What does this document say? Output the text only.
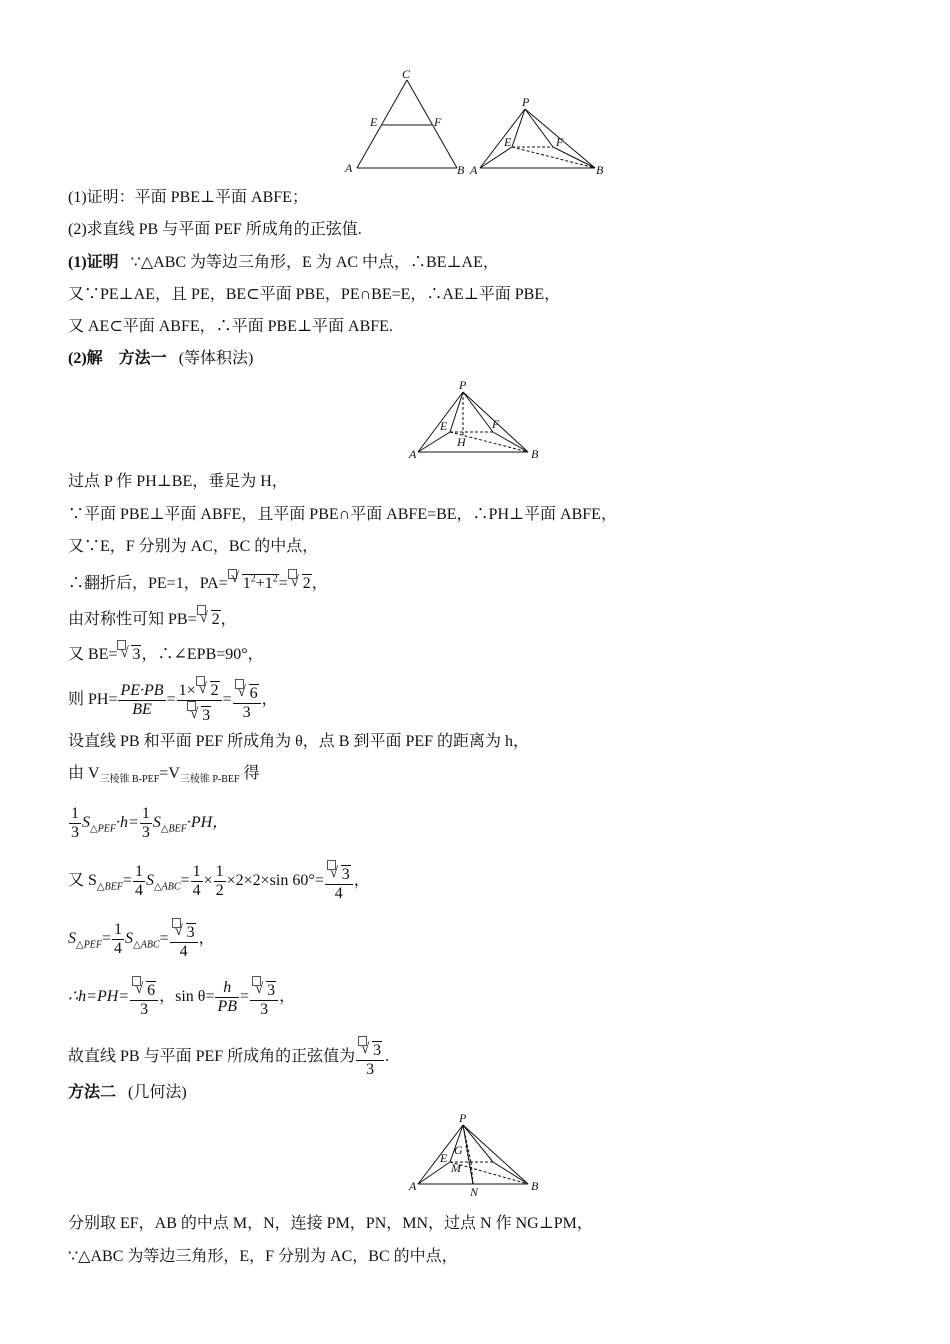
C
E	F
A	B
P
E	F
A	B
(1)证明：平面 PBE⊥平面 ABFE；
(2)求直线 PB 与平面 PEF 所成角的正弦值.
(1)证明 ∵△ABC 为等边三角形，E 为 AC 中点，∴BE⊥AE，
又∵PE⊥AE，且 PE，BE⊂平面 PBE，PE∩BE=E，∴AE⊥平面 PBE，
又 AE⊂平面 ABFE，∴平面 PBE⊥平面 ABFE.
(2)解 方法一 (等体积法)
P
E	F
H
A	B
过点 P 作 PH⊥BE，垂足为 H，
∵平面 PBE⊥平面 ABFE，且平面 PBE∩平面 ABFE=BE，∴PH⊥平面 ABFE，
又∵E，F 分别为 AC，BC 的中点，
∴翻折后，PE=1，PA= √ $1^2+1^2=$ √ 2，
由对称性可知 PB= √ 2，
又 BE= √ 3，∴∠EPB=90°，
则 $PH= \frac{PE\cdot PB}{BE} = \frac{1\times √ 2}{√ 3} = \frac{√ 6}{3}$ ，
设直线 PB 和平面 PEF 所成角为 θ，点 B 到平面 PEF 的距离为 h，
由 $V_{三棱锥 B-PEF}=V_{三棱锥 P-BEF}$ 得
$\frac{1}{3} S_{\triangle PEF}\cdot h= \frac{1}{3} S_{\triangle BEF}\cdot PH$，
又 $S_{\triangle BEF}= \frac{1}{4} S_{\triangle ABC}= \frac{1}{4} \times \frac{1}{2} \times 2\times 2\times\sin$ $60^\circ= \frac{√ 3}{4}$ ，
$S_{\triangle PEF}= \frac{1}{4} S_{\triangle ABC}= \frac{√ 3}{4}$ ，
∴h=PH= $\frac{√ 6}{3}$ ，$\sin \theta= \frac{h}{PB} = \frac{√ 3}{3}$ ，
故直线 PB 与平面 PEF 所成角的正弦值为 $\frac{√ 3}{3}$ .
方法二 (几何法)
P
G
E
M
N
A	B
分别取 EF，AB 的中点 M，N，连接 PM，PN，MN，过点 N 作 NG⊥PM，
∵△ABC 为等边三角形，E，F 分别为 AC，BC 的中点，
